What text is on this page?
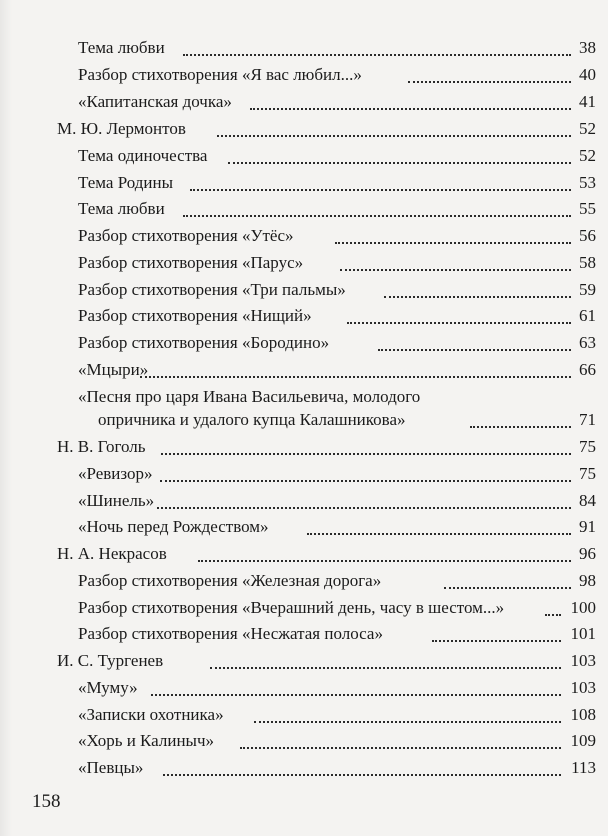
Тема любви	38
Разбор стихотворения «Я вас любил...»	40
«Капитанская дочка»	41
М. Ю. Лермонтов	52
Тема одиночества	52
Тема Родины	53
Тема любви	55
Разбор стихотворения «Утёс»	56
Разбор стихотворения «Парус»	58
Разбор стихотворения «Три пальмы»	59
Разбор стихотворения «Нищий»	61
Разбор стихотворения «Бородино»	63
«Мцыри»	66
«Песня про царя Ивана Васильевича, молодого
опричника и удалого купца Калашникова»	71
Н. В. Гоголь	75
«Ревизор»	75
«Шинель»	84
«Ночь перед Рождеством»	91
Н. А. Некрасов	96
Разбор стихотворения «Железная дорога»	98
Разбор стихотворения «Вчерашний день, часу в шестом...»	100
Разбор стихотворения «Несжатая полоса»	101
И. С. Тургенев	103
«Муму»	103
«Записки охотника»	108
«Хорь и Калиныч»	109
«Певцы»	113
158
